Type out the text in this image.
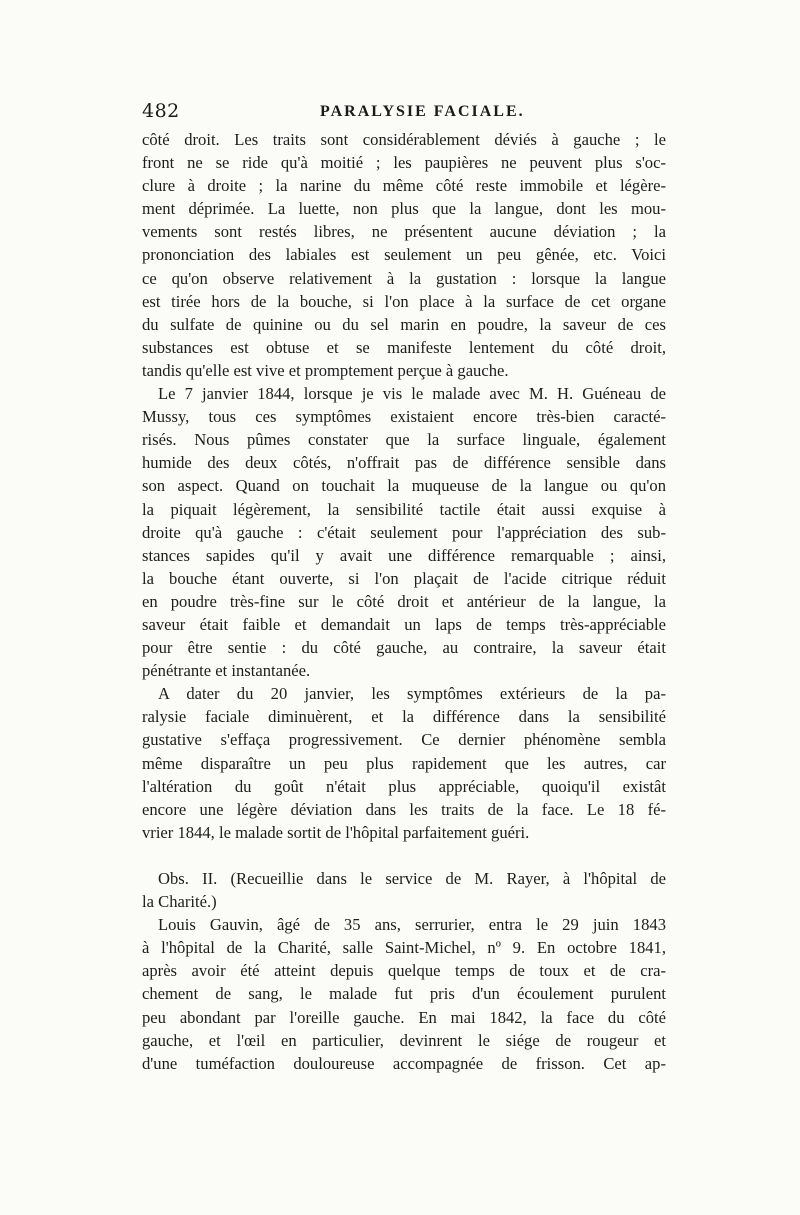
482	PARALYSIE FACIALE.
côté droit. Les traits sont considérablement déviés à gauche ; le
front ne se ride qu'à moitié ; les paupières ne peuvent plus s'oc-
clure à droite ; la narine du même côté reste immobile et légère-
ment déprimée. La luette, non plus que la langue, dont les mou-
vements sont restés libres, ne présentent aucune déviation ; la
prononciation des labiales est seulement un peu gênée, etc. Voici
ce qu'on observe relativement à la gustation : lorsque la langue
est tirée hors de la bouche, si l'on place à la surface de cet organe
du sulfate de quinine ou du sel marin en poudre, la saveur de ces
substances est obtuse et se manifeste lentement du côté droit,
tandis qu'elle est vive et promptement perçue à gauche.
Le 7 janvier 1844, lorsque je vis le malade avec M. H. Guéneau de
Mussy, tous ces symptômes existaient encore très-bien caracté-
risés. Nous pûmes constater que la surface linguale, également
humide des deux côtés, n'offrait pas de différence sensible dans
son aspect. Quand on touchait la muqueuse de la langue ou qu'on
la piquait légèrement, la sensibilité tactile était aussi exquise à
droite qu'à gauche : c'était seulement pour l'appréciation des sub-
stances sapides qu'il y avait une différence remarquable ; ainsi,
la bouche étant ouverte, si l'on plaçait de l'acide citrique réduit
en poudre très-fine sur le côté droit et antérieur de la langue, la
saveur était faible et demandait un laps de temps très-appréciable
pour être sentie : du côté gauche, au contraire, la saveur était
pénétrante et instantanée.
A dater du 20 janvier, les symptômes extérieurs de la pa-
ralysie faciale diminuèrent, et la différence dans la sensibilité
gustative s'effaça progressivement. Ce dernier phénomène sembla
même disparaître un peu plus rapidement que les autres, car
l'altération du goût n'était plus appréciable, quoiqu'il existât
encore une légère déviation dans les traits de la face. Le 18 fé-
vrier 1844, le malade sortit de l'hôpital parfaitement guéri.
Obs. II. (Recueillie dans le service de M. Rayer, à l'hôpital de
la Charité.)
Louis Gauvin, âgé de 35 ans, serrurier, entra le 29 juin 1843
à l'hôpital de la Charité, salle Saint-Michel, nº 9. En octobre 1841,
après avoir été atteint depuis quelque temps de toux et de cra-
chement de sang, le malade fut pris d'un écoulement purulent
peu abondant par l'oreille gauche. En mai 1842, la face du côté
gauche, et l'œil en particulier, devinrent le siége de rougeur et
d'une tuméfaction douloureuse accompagnée de frisson. Cet ap-
